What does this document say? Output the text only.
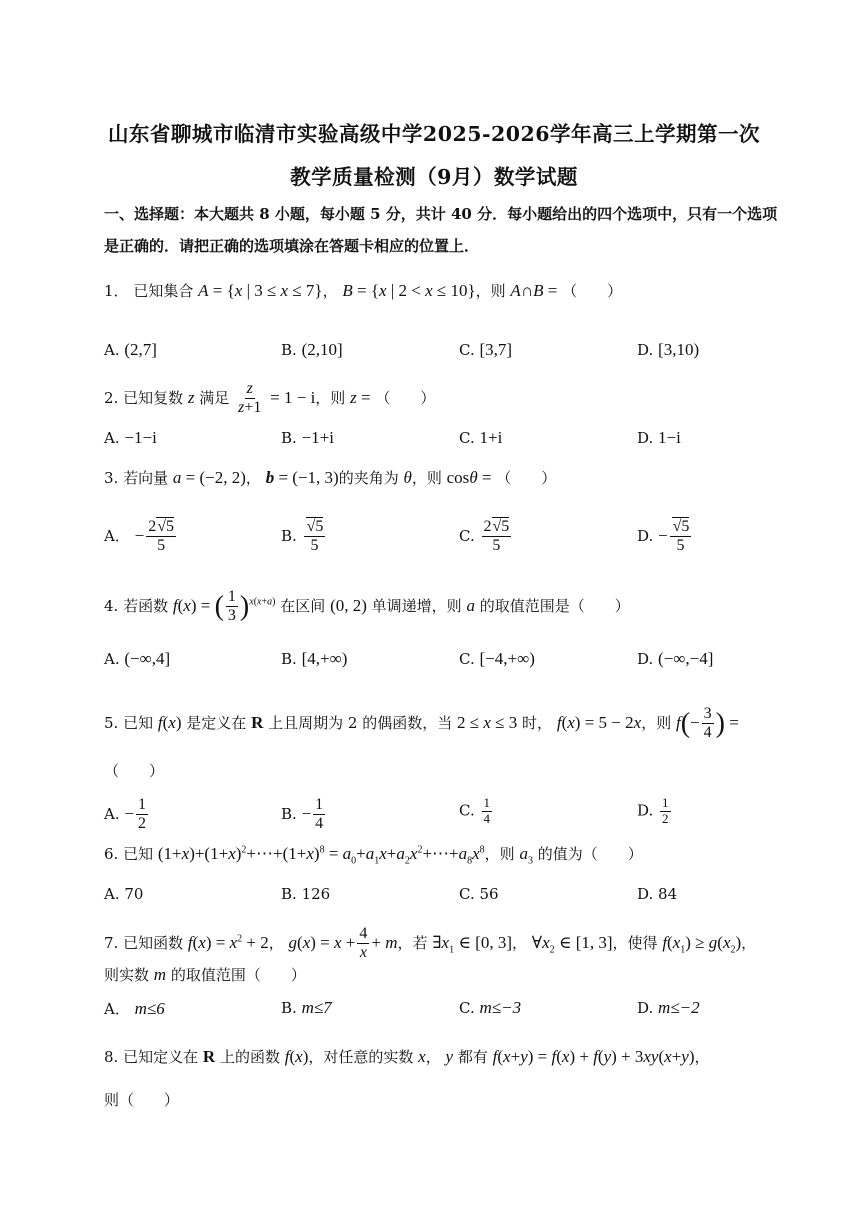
山东省聊城市临清市实验高级中学2025-2026学年高三上学期第一次
教学质量检测（9月）数学试题
一、选择题：本大题共 8 小题，每小题 5 分，共计 40 分．每小题给出的四个选项中，只有一个选项
是正确的．请把正确的选项填涂在答题卡相应的位置上．
1． 已知集合 A = {x | 3 ≤ x ≤ 7}， B = {x | 2 < x ≤ 10}，则 A∩B = （　　）
A. (2,7]	B. (2,10]	C. [3,7]	D. [3,10)
2. 已知复数 z 满足 $\frac{z}{z+1} = 1 - i$，则 z = （　　）
A. −1−i	B. −1+i	C. 1+i	D. 1−i
3. 若向量 a = (−2, 2)， b = (−1, 3)的夹角为 θ，则 cosθ = （　　）
A． − $\frac{2√5}{5}$	B. $\frac{√5}{5}$	C. $\frac{2√5}{5}$	D. − $\frac{√5}{5}$
4. 若函数 f(x) = ( $\frac{1}{3} )^{x(x+a)}$ 在区间 (0, 2) 单调递增，则 a 的取值范围是（　　）
A. (−∞,4]	B. [4,+∞)	C. [−4,+∞)	D. (−∞,−4]
5. 已知 f(x) 是定义在 R 上且周期为 2 的偶函数，当 2 ≤ x ≤ 3 时， f(x) = 5 − 2x，则 $f(- \frac{3}{4}$ ) =
（　　）
A. − $\frac{1}{2}$	B. − $\frac{1}{4}$	C. $\frac{1}{4}$	D. $\frac{1}{2}$
6. 已知 $(1+x)+(1+x)^2+\cdots+(1+x)^8$ = $a_0+a_1x+a_2x^2+\cdots+a_8x^8$，则 $a_3$ 的值为（　　）
A. 70	B. 126	C. 56	D. 84
7. 已知函数 $f(x) = x^2 + 2$， $g(x) = x + \frac{4}{x} + m$，若 $\exists x_1$ ∈ [0, 3]， $\forall x_2$ ∈ [1, 3]，使得 $f(x_1) \ge g(x_2)$，
则实数 m 的取值范围（　　）
A． m≤6	B. m≤7	C. m≤−3	D. m≤−2
8. 已知定义在 R 上的函数 f(x)，对任意的实数 x， y 都有 f(x+y) = f(x) + f(y) + 3xy(x+y)，
则（　　）
